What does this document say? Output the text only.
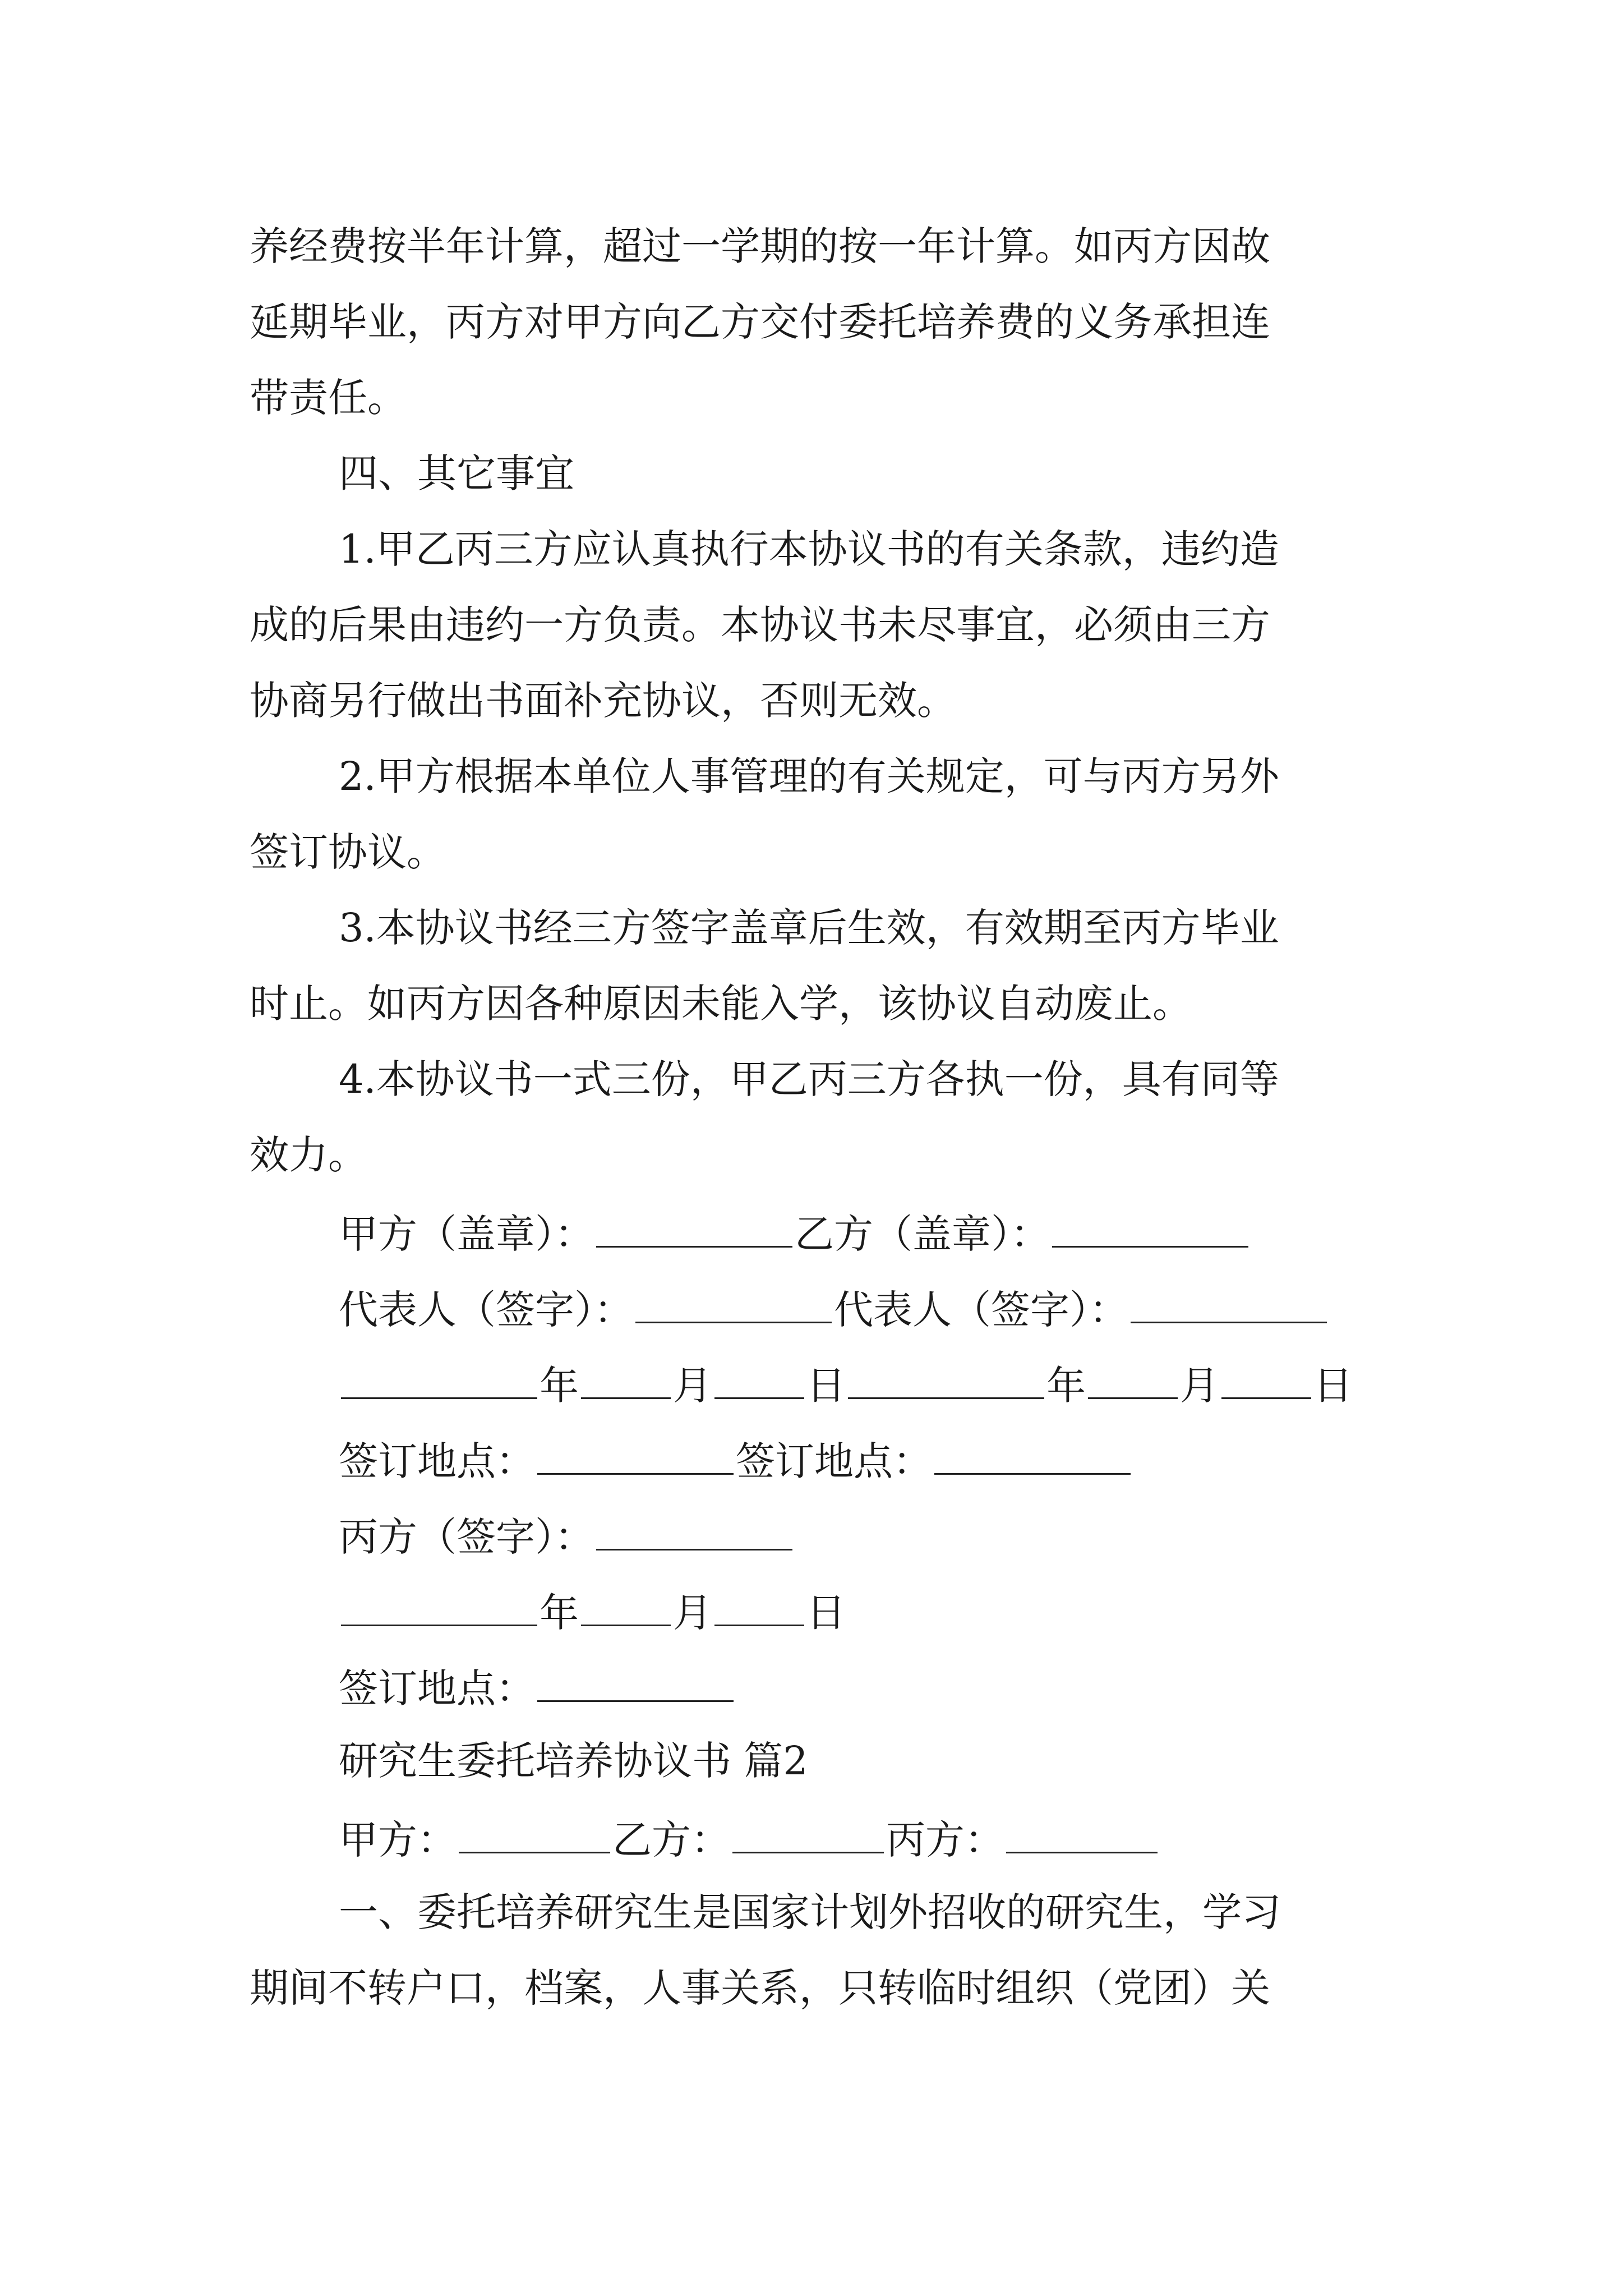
养经费按半年计算，超过一学期的按一年计算。如丙方因故
延期毕业，丙方对甲方向乙方交付委托培养费的义务承担连
带责任。
四、其它事宜
1.甲乙丙三方应认真执行本协议书的有关条款，违约造
成的后果由违约一方负责。本协议书未尽事宜，必须由三方
协商另行做出书面补充协议，否则无效。
2.甲方根据本单位人事管理的有关规定，可与丙方另外
签订协议。
3.本协议书经三方签字盖章后生效，有效期至丙方毕业
时止。如丙方因各种原因未能入学，该协议自动废止。
4.本协议书一式三份，甲乙丙三方各执一份，具有同等
效力。
甲方（盖章）：	乙方（盖章）：
代表人（签字）：	代表人（签字）：
年 月 日	年 月 日
签订地点：	签订地点：
丙方（签字）：
年 月 日
签订地点：
研究生委托培养协议书 篇2
甲方：	乙方：	丙方：
一、委托培养研究生是国家计划外招收的研究生，学习
期间不转户口，档案，人事关系，只转临时组织（党团）关
